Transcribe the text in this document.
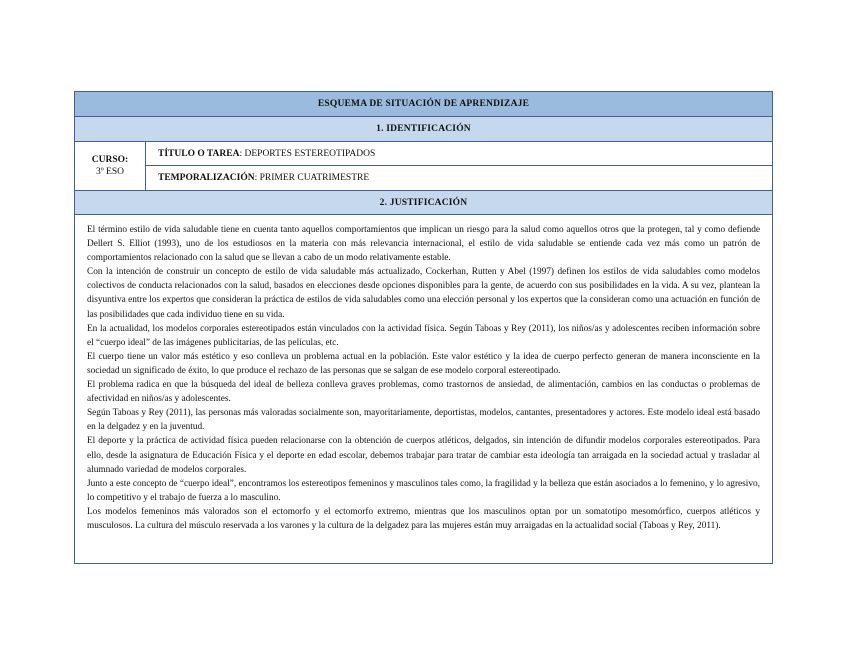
ESQUEMA DE SITUACIÓN DE APRENDIZAJE
1. IDENTIFICACIÓN
CURSO:
3º ESO
TÍTULO O TAREA : DEPORTES ESTEREOTIPADOS
TEMPORALIZACIÓN : PRIMER CUATRIMESTRE
2. JUSTIFICACIÓN

El término estilo de vida saludable tiene en cuenta tanto aquellos comportamientos que implican un riesgo para la salud como aquellos otros que la protegen, tal y como defiende Dellert S. Elliot (1993), uno de los estudiosos en la materia con más relevancia internacional, el estilo de vida saludable se entiende cada vez más como un patrón de comportamientos relacionado con la salud que se llevan a cabo de un modo relativamente estable.

Con la intención de construir un concepto de estilo de vida saludable más actualizado, Cockerhan, Rutten y Abel (1997) definen los estilos de vida saludables como modelos colectivos de conducta relacionados con la salud, basados en elecciones desde opciones disponibles para la gente, de acuerdo con sus posibilidades en la vida. A su vez, plantean la disyuntiva entre los expertos que consideran la práctica de estilos de vida saludables como una elección personal y los expertos que la consideran como una actuación en función de las posibilidades que cada individuo tiene en su vida.

En la actualidad, los modelos corporales estereotipados están vinculados con la actividad física. Según Taboas y Rey (2011), los niños/as y adolescentes reciben información sobre el “cuerpo ideal” de las imágenes publicitarias, de las películas, etc.

El cuerpo tiene un valor más estético y eso conlleva un problema actual en la población. Este valor estético y la idea de cuerpo perfecto generan de manera inconsciente en la sociedad un significado de éxito, lo que produce el rechazo de las personas que se salgan de ese modelo corporal estereotipado.

El problema radica en que la búsqueda del ideal de belleza conlleva graves problemas, como trastornos de ansiedad, de alimentación, cambios en las conductas o problemas de afectividad en niños/as y adolescentes.

Según Taboas y Rey (2011), las personas más valoradas socialmente son, mayoritariamente, deportistas, modelos, cantantes, presentadores y actores. Este modelo ideal está basado en la delgadez y en la juventud.

El deporte y la práctica de actividad física pueden relacionarse con la obtención de cuerpos atléticos, delgados, sin intención de difundir modelos corporales estereotipados. Para ello, desde la asignatura de Educación Física y el deporte en edad escolar, debemos trabajar para tratar de cambiar esta ideología tan arraigada en la sociedad actual y trasladar al alumnado variedad de modelos corporales.

Junto a este concepto de “cuerpo ideal”, encontramos los estereotipos femeninos y masculinos tales como, la fragilidad y la belleza que están asociados a lo femenino, y lo agresivo, lo competitivo y el trabajo de fuerza a lo masculino.

Los modelos femeninos más valorados son el ectomorfo y el ectomorfo extremo, mientras que los masculinos optan por un somatotipo mesomórfico, cuerpos atléticos y musculosos. La cultura del músculo reservada a los varones y la cultura de la delgadez para las mujeres están muy arraigadas en la actualidad social (Taboas y Rey, 2011).
